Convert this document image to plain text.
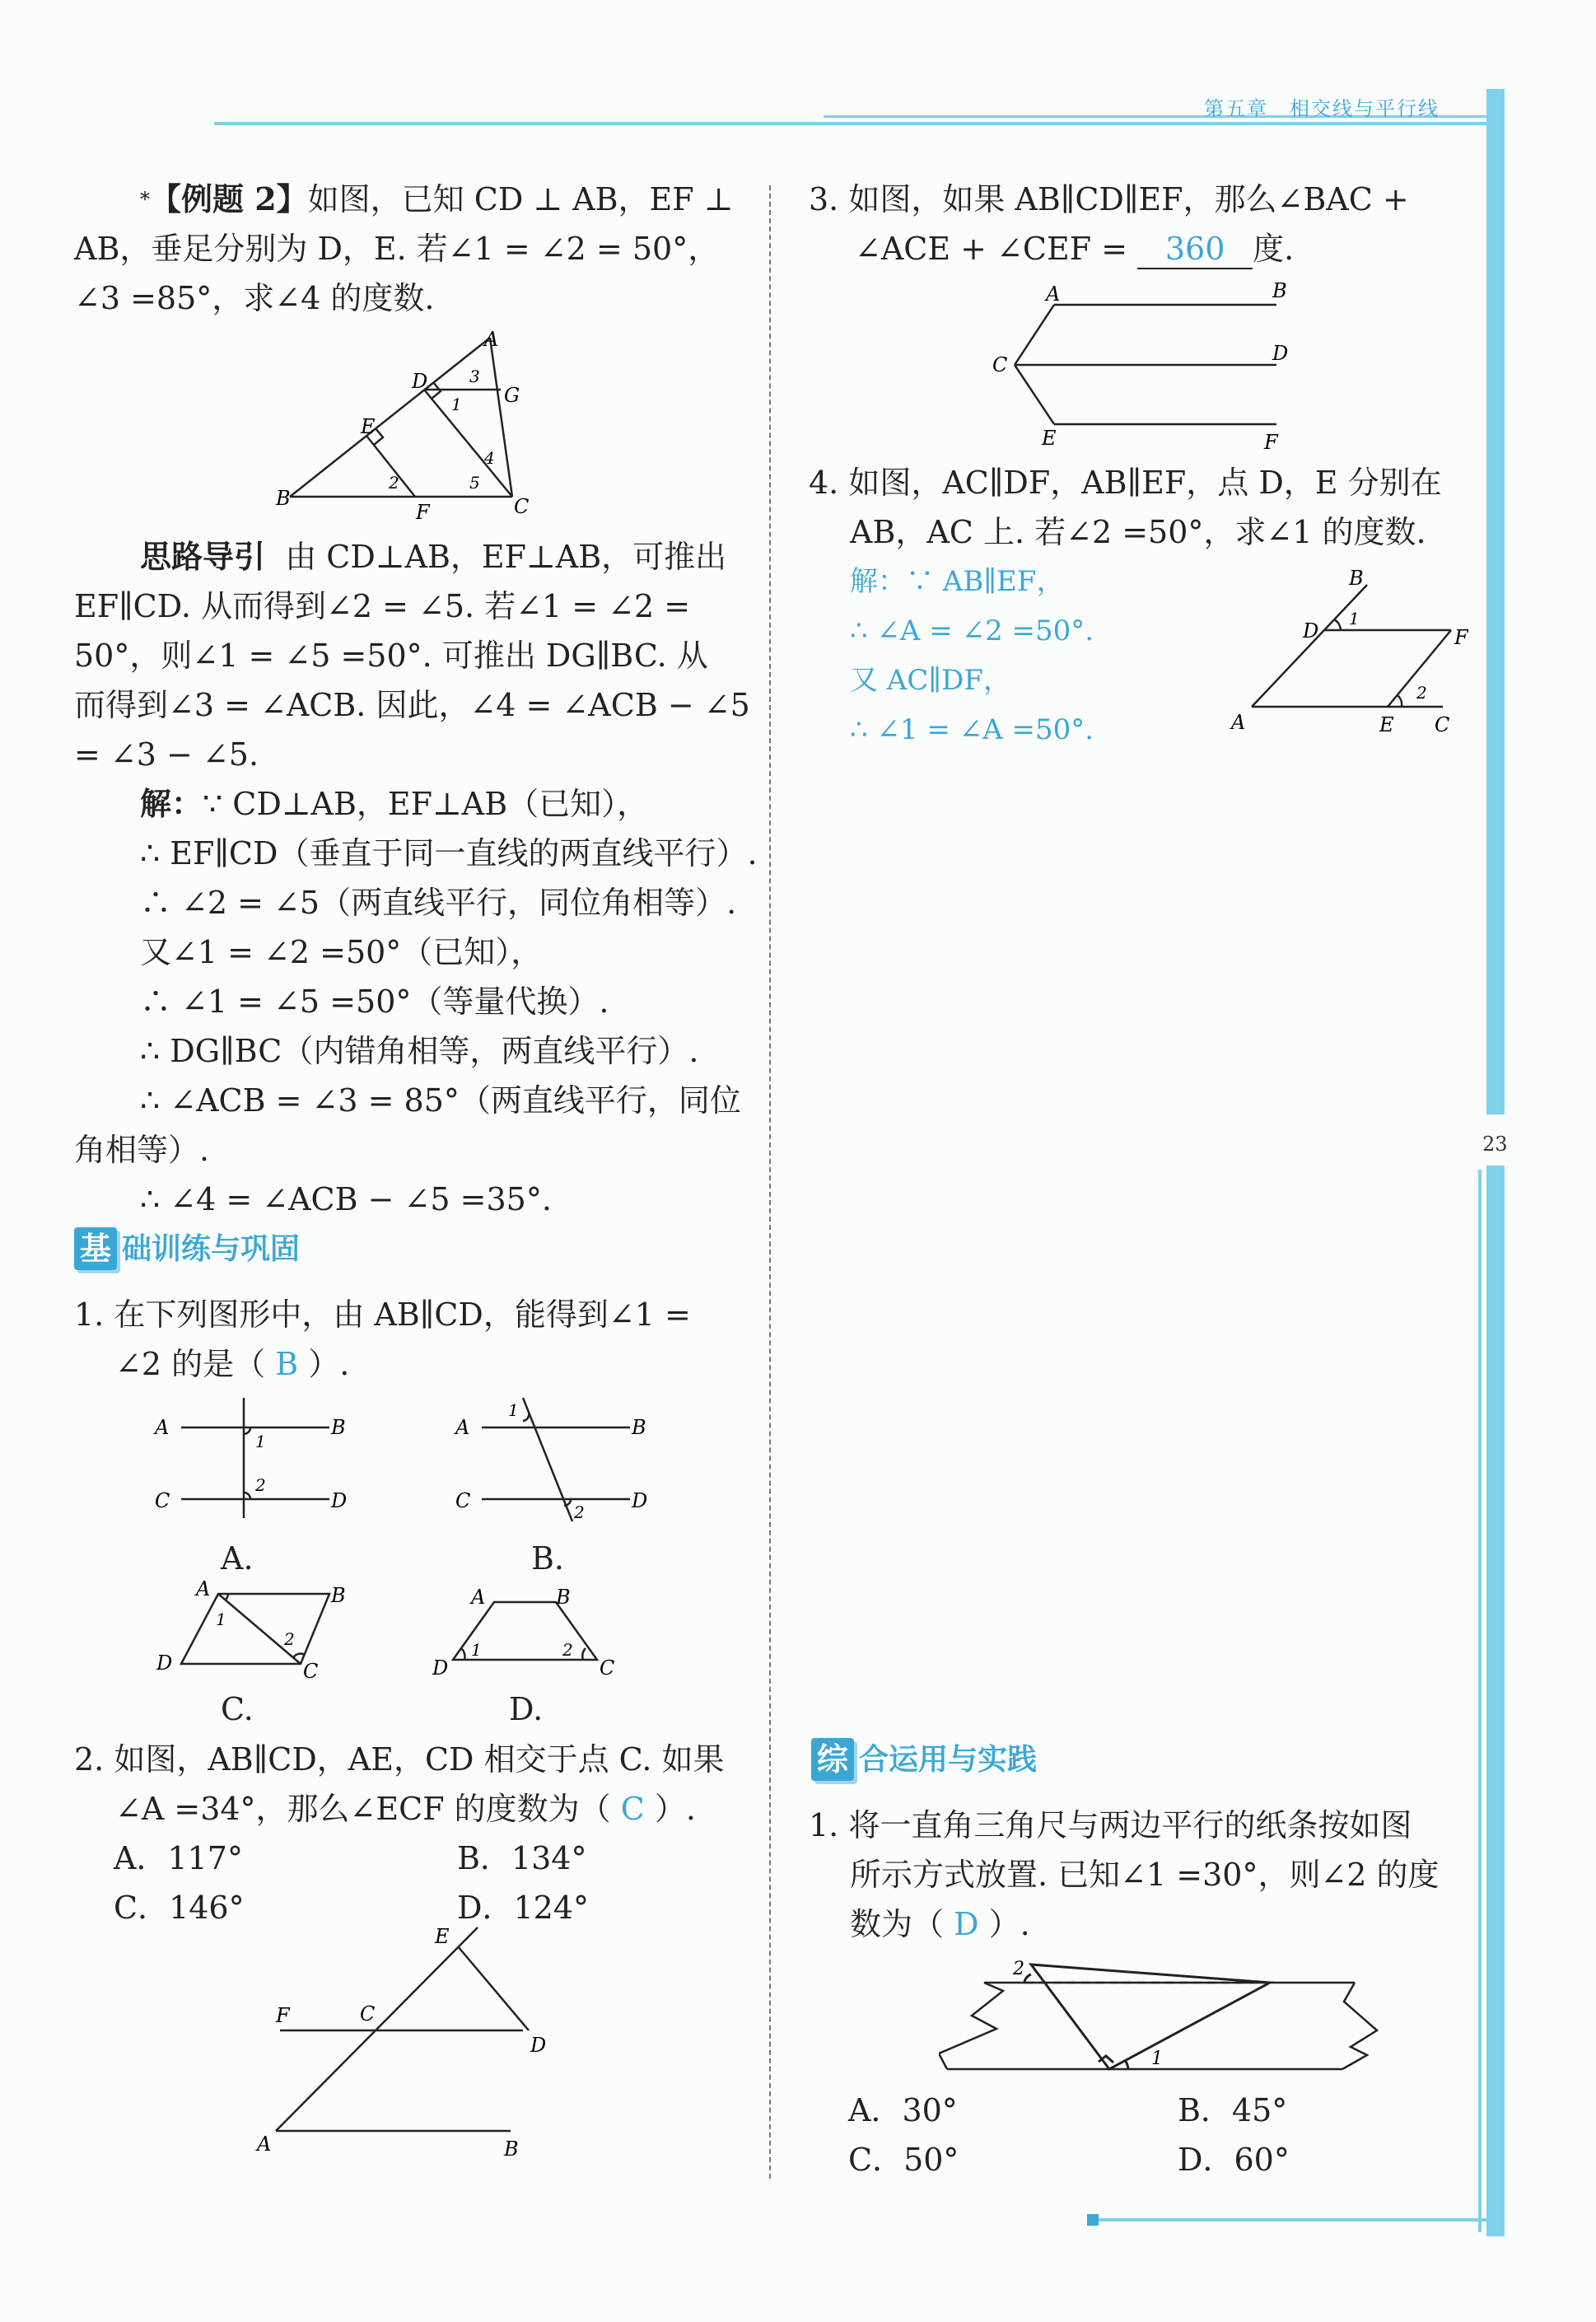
第五章　相交线与平行线
23
*【例题 2】如图，已知 CD ⊥ AB，EF ⊥
AB，垂足分别为 D，E. 若∠1 = ∠2 = 50°，
∠3 =85°，求∠4 的度数.
A
D	3
G
1
E
4
B
2	5
C
F
思路导引 由 CD⊥AB，EF⊥AB，可推出
EF∥CD. 从而得到∠2 = ∠5. 若∠1 = ∠2 =
50°，则∠1 = ∠5 =50°. 可推出 DG∥BC. 从
而得到∠3 = ∠ACB. 因此，∠4 = ∠ACB − ∠5
= ∠3 − ∠5.
解：∵ CD⊥AB，EF⊥AB（已知），
∴ EF∥CD（垂直于同一直线的两直线平行）.
∴ ∠2 = ∠5（两直线平行，同位角相等）.
又∠1 = ∠2 =50°（已知），
∴ ∠1 = ∠5 =50°（等量代换）.
∴ DG∥BC（内错角相等，两直线平行）.
∴ ∠ACB = ∠3 = 85°（两直线平行，同位
角相等）.
∴ ∠4 = ∠ACB − ∠5 =35°.
基 础训练与巩固
1. 在下列图形中，由 AB∥CD，能得到∠1 =
∠2 的是（ B ）.
A	B
C	D
1
2
A.
A	B
C	D
1
2
B.
A	B
C
D
1
2
C.
A	B
C
D
1	2
D.
2. 如图，AB∥CD，AE，CD 相交于点 C. 如果
∠A =34°，那么∠ECF 的度数为（ C ）.
A．117°	B．134°
C．146°	D．124°
E
F	C
D
A	B
3. 如图，如果 AB∥CD∥EF，那么∠BAC +
∠ACE + ∠CEF = 360 度.
A	B
C	D
E	F
4. 如图，AC∥DF，AB∥EF，点 D，E 分别在
AB，AC 上. 若∠2 =50°，求∠1 的度数.
解：∵ AB∥EF，
∴ ∠A = ∠2 =50°.
又 AC∥DF，
∴ ∠1 = ∠A =50°.
B
D
1
F
A	E
2
C
综 合运用与实践
1. 将一直角三角尺与两边平行的纸条按如图
所示方式放置. 已知∠1 =30°，则∠2 的度
数为（ D ）.
2
1
A．30°	B．45°
C．50°	D．60°
